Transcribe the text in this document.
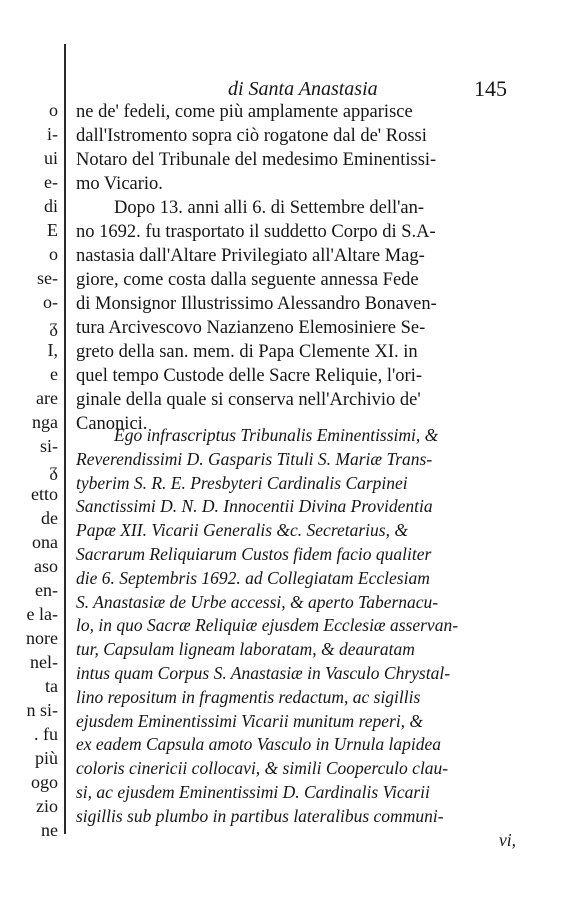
o
i-
ui
e-
di
E
o
se-
o-
ᵹ
I,
e
are
nga
si-
ᵹ
etto
de
ona
aso
en-
e la-
nore
nel-
ta
n si-
. fu
più
ogo
zio
ne
di Santa Anastasia	145
ne de' fedeli, come più amplamente apparisce
dall'Istromento sopra ciò rogatone dal de' Rossi
Notaro del Tribunale del medesimo Eminentissi-
mo Vicario.
Dopo 13. anni alli 6. di Settembre dell'an-
no 1692. fu trasportato il suddetto Corpo di S.A-
nastasia dall'Altare Privilegiato all'Altare Mag-
giore, come costa dalla seguente annessa Fede
di Monsignor Illustrissimo Alessandro Bonaven-
tura Arcivescovo Nazianzeno Elemosiniere Se-
greto della san. mem. di Papa Clemente XI. in
quel tempo Custode delle Sacre Reliquie, l'ori-
ginale della quale si conserva nell'Archivio de'
Canonici.
Ego infrascriptus Tribunalis Eminentissimi, &
Reverendissimi D. Gasparis Tituli S. Mariæ Trans-
tyberim S. R. E. Presbyteri Cardinalis Carpinei
Sanctissimi D. N. D. Innocentii Divina Providentia
Papæ XII. Vicarii Generalis &c. Secretarius, &
Sacrarum Reliquiarum Custos fidem facio qualiter
die 6. Septembris 1692. ad Collegiatam Ecclesiam
S. Anastasiæ de Urbe accessi, & aperto Tabernacu-
lo, in quo Sacræ Reliquiæ ejusdem Ecclesiæ asservan-
tur, Capsulam ligneam laboratam, & deauratam
intus quam Corpus S. Anastasiæ in Vasculo Chrystal-
lino repositum in fragmentis redactum, ac sigillis
ejusdem Eminentissimi Vicarii munitum reperi, &
ex eadem Capsula amoto Vasculo in Urnula lapidea
coloris cinericii collocavi, & simili Cooperculo clau-
si, ac ejusdem Eminentissimi D. Cardinalis Vicarii
sigillis sub plumbo in partibus lateralibus communi-
vi,
